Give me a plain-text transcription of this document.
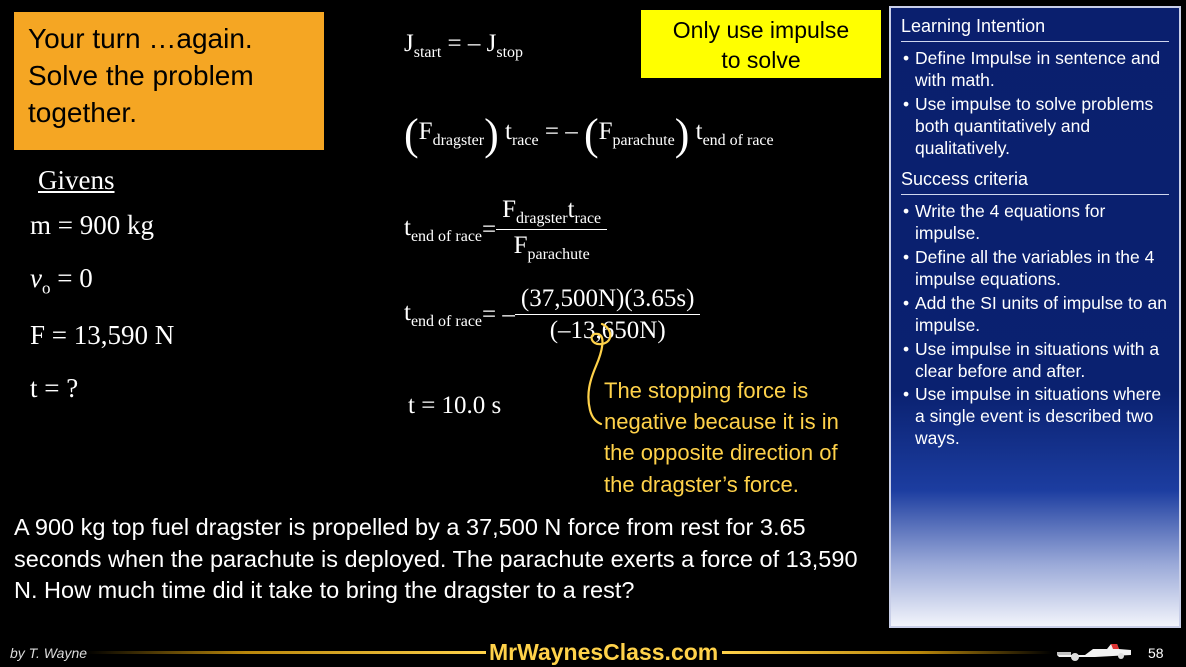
Your turn …again.
Solve the problem
together.
Givens
m = 900 kg
$v_o = 0$
F = 13,590 N
t = ?
Only use impulse
to solve
$J_{start}$ = – $J_{stop}$
$(F_{dragster}) t_{race}$ = – $(F_{parachute})$ $t_{end of race}$
$t_{end of race}= \frac{F_{dragster}t_{race}}{F_{parachute}}$
$t_{end of race}= - \frac{(37,500N)(3.65s)}{(-13,650N)}$
t = 10.0 s
The stopping force is
negative because it is in
the opposite direction of
the dragster’s force.
Learning Intention
• Define Impulse in sentence and with math.
• Use impulse to solve problems both quantitatively and qualitatively.
Success criteria
• Write the 4 equations for impulse.
• Define all the variables in the 4 impulse equations.
• Add the SI units of impulse to an impulse.
• Use impulse in situations with a clear before and after.
• Use impulse in situations where a single event is described two ways.
A 900 kg top fuel dragster is propelled by a 37,500 N force from rest for 3.65 seconds when the parachute is deployed. The parachute exerts a force of 13,590 N. How much time did it take to bring the dragster to a rest?
by T. Wayne	MrWaynesClass.com	58
